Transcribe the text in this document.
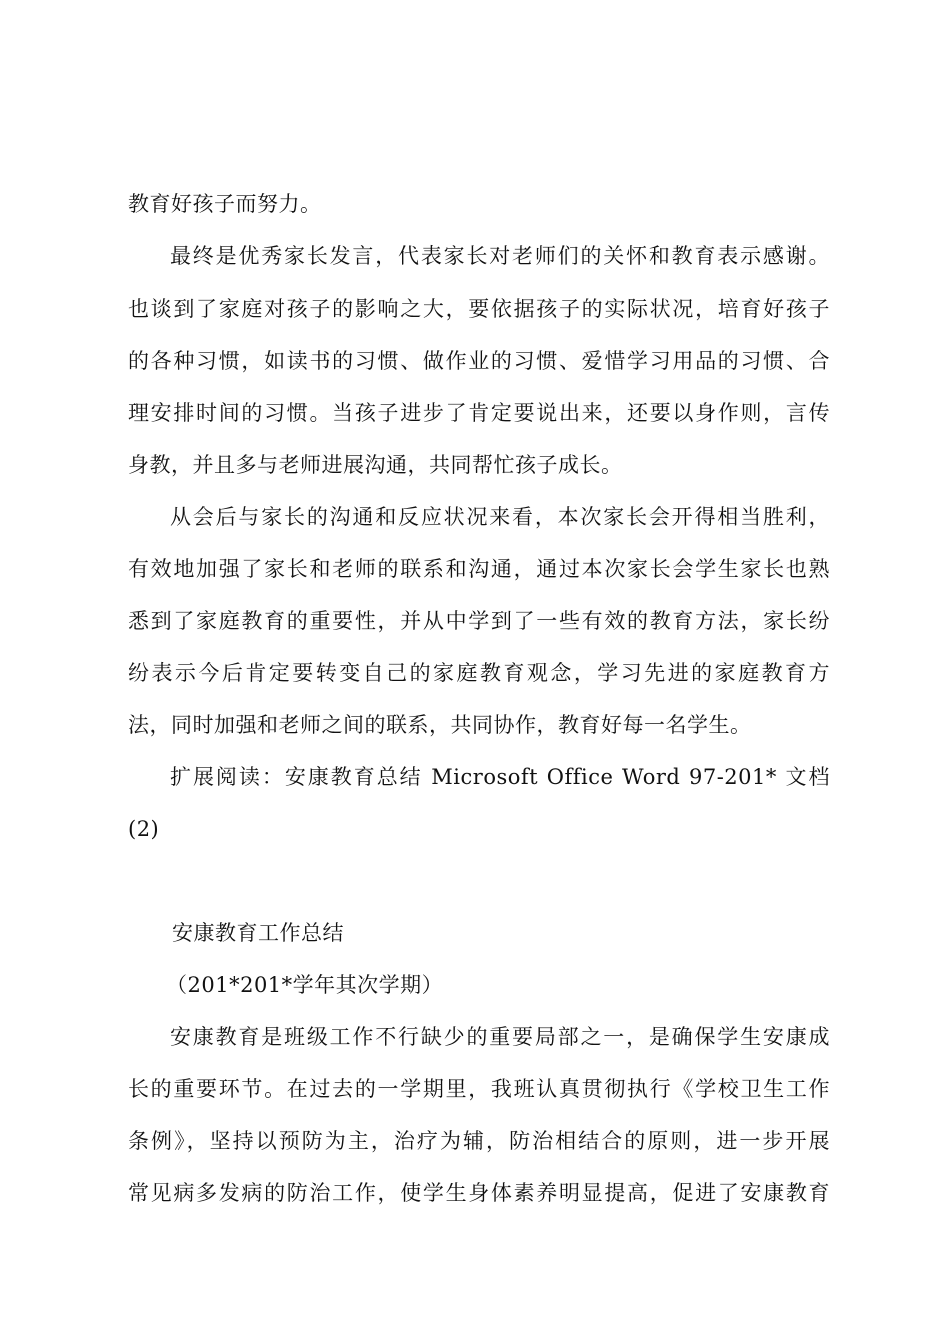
教育好孩子而努力。
最终是优秀家长发言，代表家长对老师们的关怀和教育表示感谢。
也谈到了家庭对孩子的影响之大，要依据孩子的实际状况，培育好孩子
的各种习惯，如读书的习惯、做作业的习惯、爱惜学习用品的习惯、合
理安排时间的习惯。当孩子进步了肯定要说出来，还要以身作则，言传
身教，并且多与老师进展沟通，共同帮忙孩子成长。
从会后与家长的沟通和反应状况来看，本次家长会开得相当胜利，
有效地加强了家长和老师的联系和沟通，通过本次家长会学生家长也熟
悉到了家庭教育的重要性，并从中学到了一些有效的教育方法，家长纷
纷表示今后肯定要转变自己的家庭教育观念，学习先进的家庭教育方
法，同时加强和老师之间的联系，共同协作，教育好每一名学生。
扩展阅读：安康教育总结 Microsoft Office Word 97-201* 文档
(2)
安康教育工作总结
（201*201*学年其次学期）
安康教育是班级工作不行缺少的重要局部之一，是确保学生安康成
长的重要环节。在过去的一学期里，我班认真贯彻执行《学校卫生工作
条例》，坚持以预防为主，治疗为辅，防治相结合的原则，进一步开展
常见病多发病的防治工作，使学生身体素养明显提高，促进了安康教育
